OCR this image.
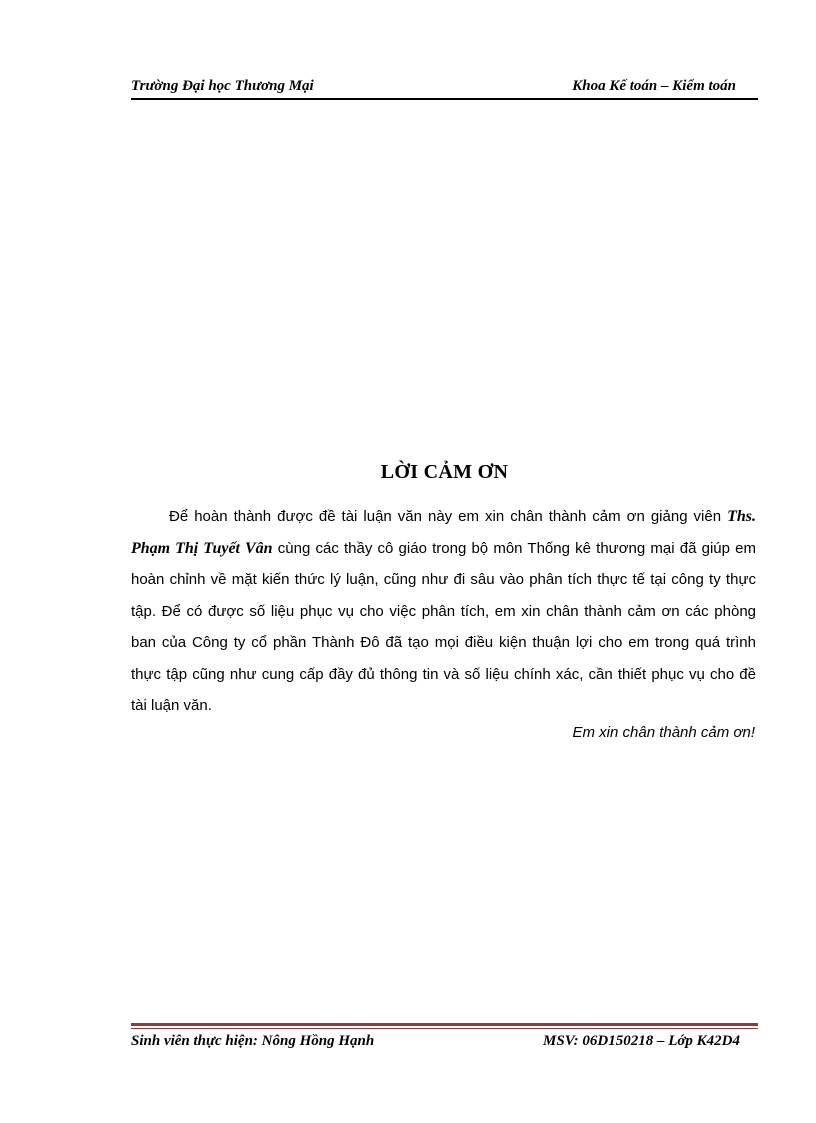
Trường Đại học Thương Mại	Khoa Kế toán – Kiểm toán
LỜI CẢM ƠN
Để hoàn thành được đề tài luận văn này em xin chân thành cảm ơn giảng viên Ths. Phạm Thị Tuyết Vân cùng các thầy cô giáo trong bộ môn Thống kê thương mại đã giúp em hoàn chỉnh về mặt kiến thức lý luận, cũng như đi sâu vào phân tích thực tế tại công ty thực tập. Để có được số liệu phục vụ cho việc phân tích, em xin chân thành cảm ơn các phòng ban của Công ty cổ phần Thành Đô đã tạo mọi điều kiện thuận lợi cho em trong quá trình thực tập cũng như cung cấp đầy đủ thông tin và số liệu chính xác, cần thiết phục vụ cho đề tài luận văn.
Em xin chân thành cảm ơn!
Sinh viên thực hiện: Nông Hồng Hạnh	MSV: 06D150218 – Lớp K42D4
